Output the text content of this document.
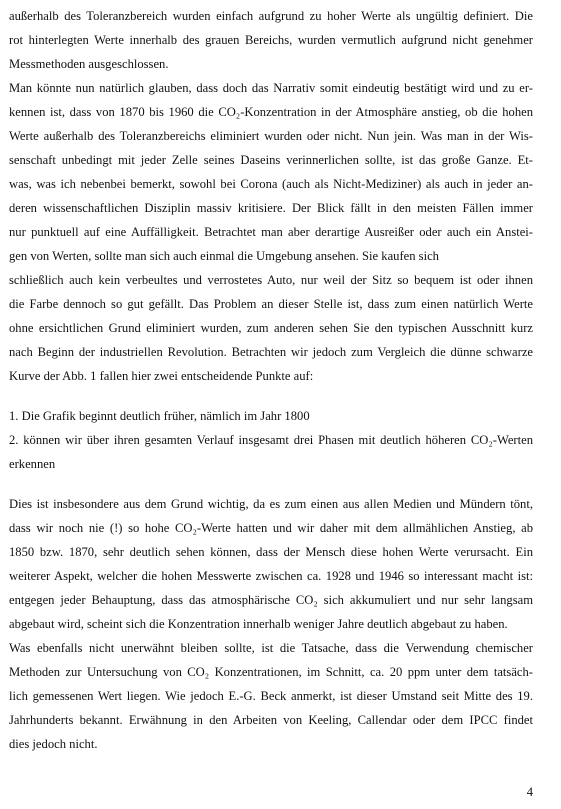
außerhalb des Toleranzbereich wurden einfach aufgrund zu hoher Werte als ungültig definiert. Die
rot hinterlegten Werte innerhalb des grauen Bereichs, wurden vermutlich aufgrund nicht genehmer
Messmethoden ausgeschlossen.
Man könnte nun natürlich glauben, dass doch das Narrativ somit eindeutig bestätigt wird und zu er-
kennen ist, dass von 1870 bis 1960 die CO₂-Konzentration in der Atmosphäre anstieg, ob die hohen
Werte außerhalb des Toleranzbereichs eliminiert wurden oder nicht. Nun jein. Was man in der Wis-
senschaft unbedingt mit jeder Zelle seines Daseins verinnerlichen sollte, ist das große Ganze. Et-
was, was ich nebenbei bemerkt, sowohl bei Corona (auch als Nicht-Mediziner) als auch in jeder an-
deren wissenschaftlichen Disziplin massiv kritisiere. Der Blick fällt in den meisten Fällen immer
nur punktuell auf eine Auffälligkeit. Betrachtet man aber derartige Ausreißer oder auch ein Anstei-
gen von Werten, sollte man sich auch einmal die Umgebung ansehen. Sie kaufen sich
schließlich auch kein verbeultes und verrostetes Auto, nur weil der Sitz so bequem ist oder ihnen
die Farbe dennoch so gut gefällt. Das Problem an dieser Stelle ist, dass zum einen natürlich Werte
ohne ersichtlichen Grund eliminiert wurden, zum anderen sehen Sie den typischen Ausschnitt kurz
nach Beginn der industriellen Revolution. Betrachten wir jedoch zum Vergleich die dünne schwarze
Kurve der Abb. 1 fallen hier zwei entscheidende Punkte auf:
1. Die Grafik beginnt deutlich früher, nämlich im Jahr 1800
2. können wir über ihren gesamten Verlauf insgesamt drei Phasen mit deutlich höheren CO₂-Werten
erkennen
Dies ist insbesondere aus dem Grund wichtig, da es zum einen aus allen Medien und Mündern tönt,
dass wir noch nie (!) so hohe CO₂-Werte hatten und wir daher mit dem allmählichen Anstieg, ab
1850 bzw. 1870, sehr deutlich sehen können, dass der Mensch diese hohen Werte verursacht. Ein
weiterer Aspekt, welcher die hohen Messwerte zwischen ca. 1928 und 1946 so interessant macht ist:
entgegen jeder Behauptung, dass das atmosphärische CO₂ sich akkumuliert und nur sehr langsam
abgebaut wird, scheint sich die Konzentration innerhalb weniger Jahre deutlich abgebaut zu haben.
Was ebenfalls nicht unerwähnt bleiben sollte, ist die Tatsache, dass die Verwendung chemischer
Methoden zur Untersuchung von CO₂ Konzentrationen, im Schnitt, ca. 20 ppm unter dem tatsäch-
lich gemessenen Wert liegen. Wie jedoch E.-G. Beck anmerkt, ist dieser Umstand seit Mitte des 19.
Jahrhunderts bekannt. Erwähnung in den Arbeiten von Keeling, Callendar oder dem IPCC findet
dies jedoch nicht.
4
